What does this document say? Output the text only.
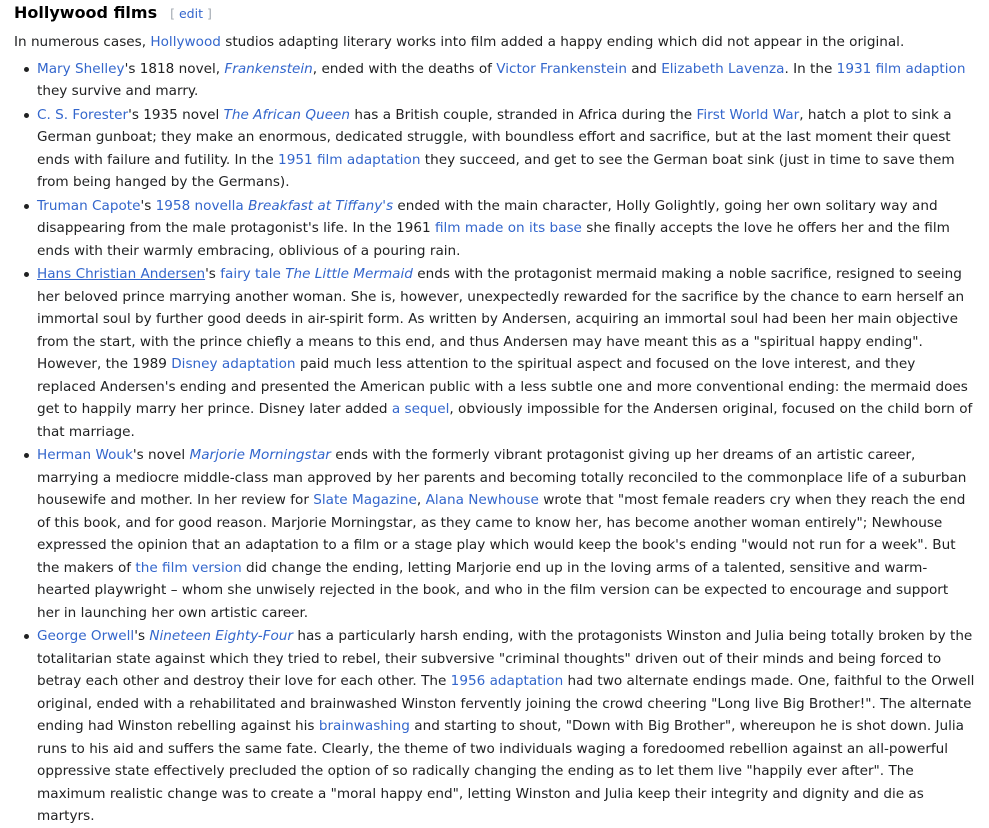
Hollywood films [ edit ]

In numerous cases, Hollywood studios adapting literary works into film added a happy ending which did not appear in the original.

Mary Shelley's 1818 novel, Frankenstein, ended with the deaths of Victor Frankenstein and Elizabeth Lavenza. In the 1931 film adaption they survive and marry.
C. S. Forester's 1935 novel The African Queen has a British couple, stranded in Africa during the First World War, hatch a plot to sink a German gunboat; they make an enormous, dedicated struggle, with boundless effort and sacrifice, but at the last moment their quest ends with failure and futility. In the 1951 film adaptation they succeed, and get to see the German boat sink (just in time to save them from being hanged by the Germans).
Truman Capote's 1958 novella Breakfast at Tiffany's ended with the main character, Holly Golightly, going her own solitary way and disappearing from the male protagonist's life. In the 1961 film made on its base she finally accepts the love he offers her and the film ends with their warmly embracing, oblivious of a pouring rain.
Hans Christian Andersen's fairy tale The Little Mermaid ends with the protagonist mermaid making a noble sacrifice, resigned to seeing her beloved prince marrying another woman. She is, however, unexpectedly rewarded for the sacrifice by the chance to earn herself an immortal soul by further good deeds in air-spirit form. As written by Andersen, acquiring an immortal soul had been her main objective from the start, with the prince chiefly a means to this end, and thus Andersen may have meant this as a "spiritual happy ending". However, the 1989 Disney adaptation paid much less attention to the spiritual aspect and focused on the love interest, and they replaced Andersen's ending and presented the American public with a less subtle one and more conventional ending: the mermaid does get to happily marry her prince. Disney later added a sequel, obviously impossible for the Andersen original, focused on the child born of that marriage.
Herman Wouk's novel Marjorie Morningstar ends with the formerly vibrant protagonist giving up her dreams of an artistic career, marrying a mediocre middle-class man approved by her parents and becoming totally reconciled to the commonplace life of a suburban housewife and mother. In her review for Slate Magazine, Alana Newhouse wrote that "most female readers cry when they reach the end of this book, and for good reason. Marjorie Morningstar, as they came to know her, has become another woman entirely"; Newhouse expressed the opinion that an adaptation to a film or a stage play which would keep the book's ending "would not run for a week". But the makers of the film version did change the ending, letting Marjorie end up in the loving arms of a talented, sensitive and warm-hearted playwright – whom she unwisely rejected in the book, and who in the film version can be expected to encourage and support her in launching her own artistic career.
George Orwell's Nineteen Eighty-Four has a particularly harsh ending, with the protagonists Winston and Julia being totally broken by the totalitarian state against which they tried to rebel, their subversive "criminal thoughts" driven out of their minds and being forced to betray each other and destroy their love for each other. The 1956 adaptation had two alternate endings made. One, faithful to the Orwell original, ended with a rehabilitated and brainwashed Winston fervently joining the crowd cheering "Long live Big Brother!". The alternate ending had Winston rebelling against his brainwashing and starting to shout, "Down with Big Brother", whereupon he is shot down. Julia runs to his aid and suffers the same fate. Clearly, the theme of two individuals waging a foredoomed rebellion against an all-powerful oppressive state effectively precluded the option of so radically changing the ending as to let them live "happily ever after". The maximum realistic change was to create a "moral happy end", letting Winston and Julia keep their integrity and dignity and die as martyrs.
